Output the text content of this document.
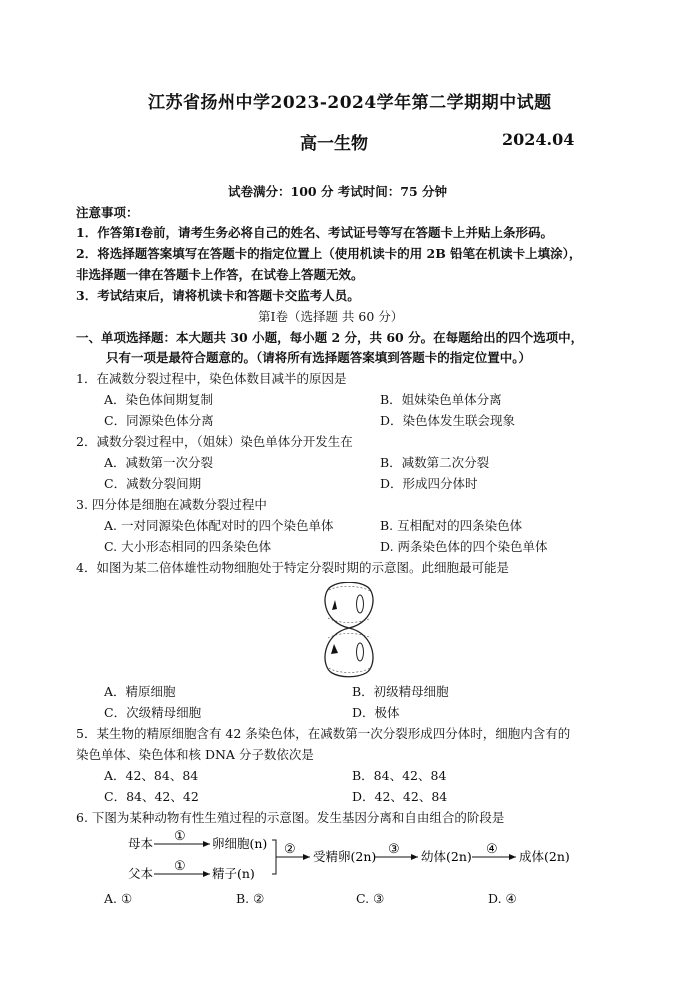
江苏省扬州中学2023-2024学年第二学期期中试题
高一生物	2024.04
试卷满分：100 分 考试时间：75 分钟
注意事项：
1．作答第Ⅰ卷前，请考生务必将自己的姓名、考试证号等写在答题卡上并贴上条形码。
2．将选择题答案填写在答题卡的指定位置上（使用机读卡的用 2B 铅笔在机读卡上填涂），
非选择题一律在答题卡上作答，在试卷上答题无效。
3．考试结束后，请将机读卡和答题卡交监考人员。
第Ⅰ卷（选择题 共 60 分）
一、单项选择题：本大题共 30 小题，每小题 2 分，共 60 分。在每题给出的四个选项中，
只有一项是最符合题意的。（请将所有选择题答案填到答题卡的指定位置中。）
1．在减数分裂过程中，染色体数目减半的原因是
A．染色体间期复制	B．姐妹染色单体分离
C．同源染色体分离	D．染色体发生联会现象
2．减数分裂过程中，（姐妹）染色单体分开发生在
A．减数第一次分裂	B．减数第二次分裂
C．减数分裂间期	D．形成四分体时
3. 四分体是细胞在减数分裂过程中
A. 一对同源染色体配对时的四个染色单体	B. 互相配对的四条染色体
C. 大小形态相同的四条染色体	D. 两条染色体的四个染色单体
4．如图为某二倍体雄性动物细胞处于特定分裂时期的示意图。此细胞最可能是
A．精原细胞	B．初级精母细胞
C．次级精母细胞	D．极体
5．某生物的精原细胞含有 42 条染色体，在减数第一次分裂形成四分体时，细胞内含有的
染色单体、染色体和核 DNA 分子数依次是
A．42、84、84	B．84、42、84
C．84、42、42	D．42、42、84
6. 下图为某种动物有性生殖过程的示意图。发生基因分离和自由组合的阶段是
母本 ① 卵细胞(n)
父本 ① 精子(n)
② 受精卵(2n) ③ 幼体(2n) ④ 成体(2n)
A. ①	B. ②	C. ③	D. ④
